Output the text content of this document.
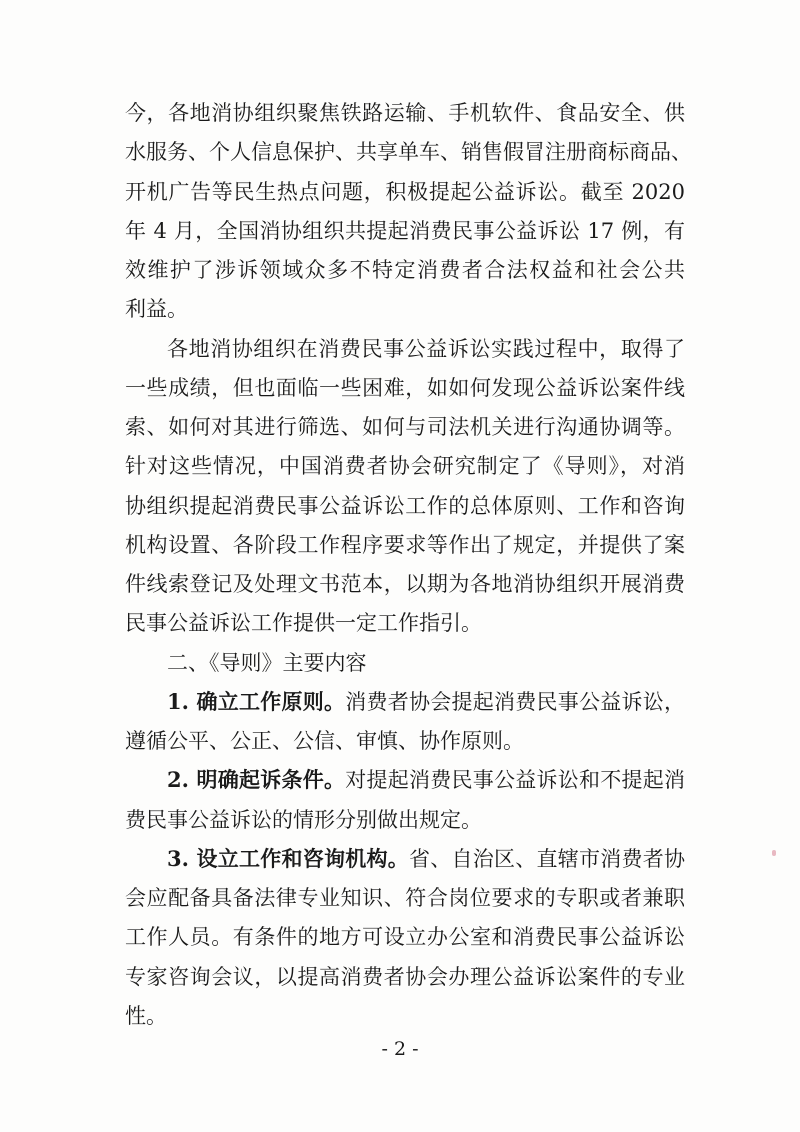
今，各地消协组织聚焦铁路运输、手机软件、食品安全、供
水服务、个人信息保护、共享单车、销售假冒注册商标商品、
开机广告等民生热点问题，积极提起公益诉讼。截至 2020
年 4 月，全国消协组织共提起消费民事公益诉讼 17 例，有
效维护了涉诉领域众多不特定消费者合法权益和社会公共
利益。
各地消协组织在消费民事公益诉讼实践过程中，取得了
一些成绩，但也面临一些困难，如如何发现公益诉讼案件线
索、如何对其进行筛选、如何与司法机关进行沟通协调等。
针对这些情况，中国消费者协会研究制定了《导则》，对消
协组织提起消费民事公益诉讼工作的总体原则、工作和咨询
机构设置、各阶段工作程序要求等作出了规定，并提供了案
件线索登记及处理文书范本，以期为各地消协组织开展消费
民事公益诉讼工作提供一定工作指引。
二、《导则》主要内容
1. 确立工作原则。消费者协会提起消费民事公益诉讼，
遵循公平、公正、公信、审慎、协作原则。
2. 明确起诉条件。对提起消费民事公益诉讼和不提起消
费民事公益诉讼的情形分别做出规定。
- 2 -
3. 设立工作和咨询机构。省、自治区、直辖市消费者协
会应配备具备法律专业知识、符合岗位要求的专职或者兼职
工作人员。有条件的地方可设立办公室和消费民事公益诉讼
专家咨询会议，以提高消费者协会办理公益诉讼案件的专业
性。
